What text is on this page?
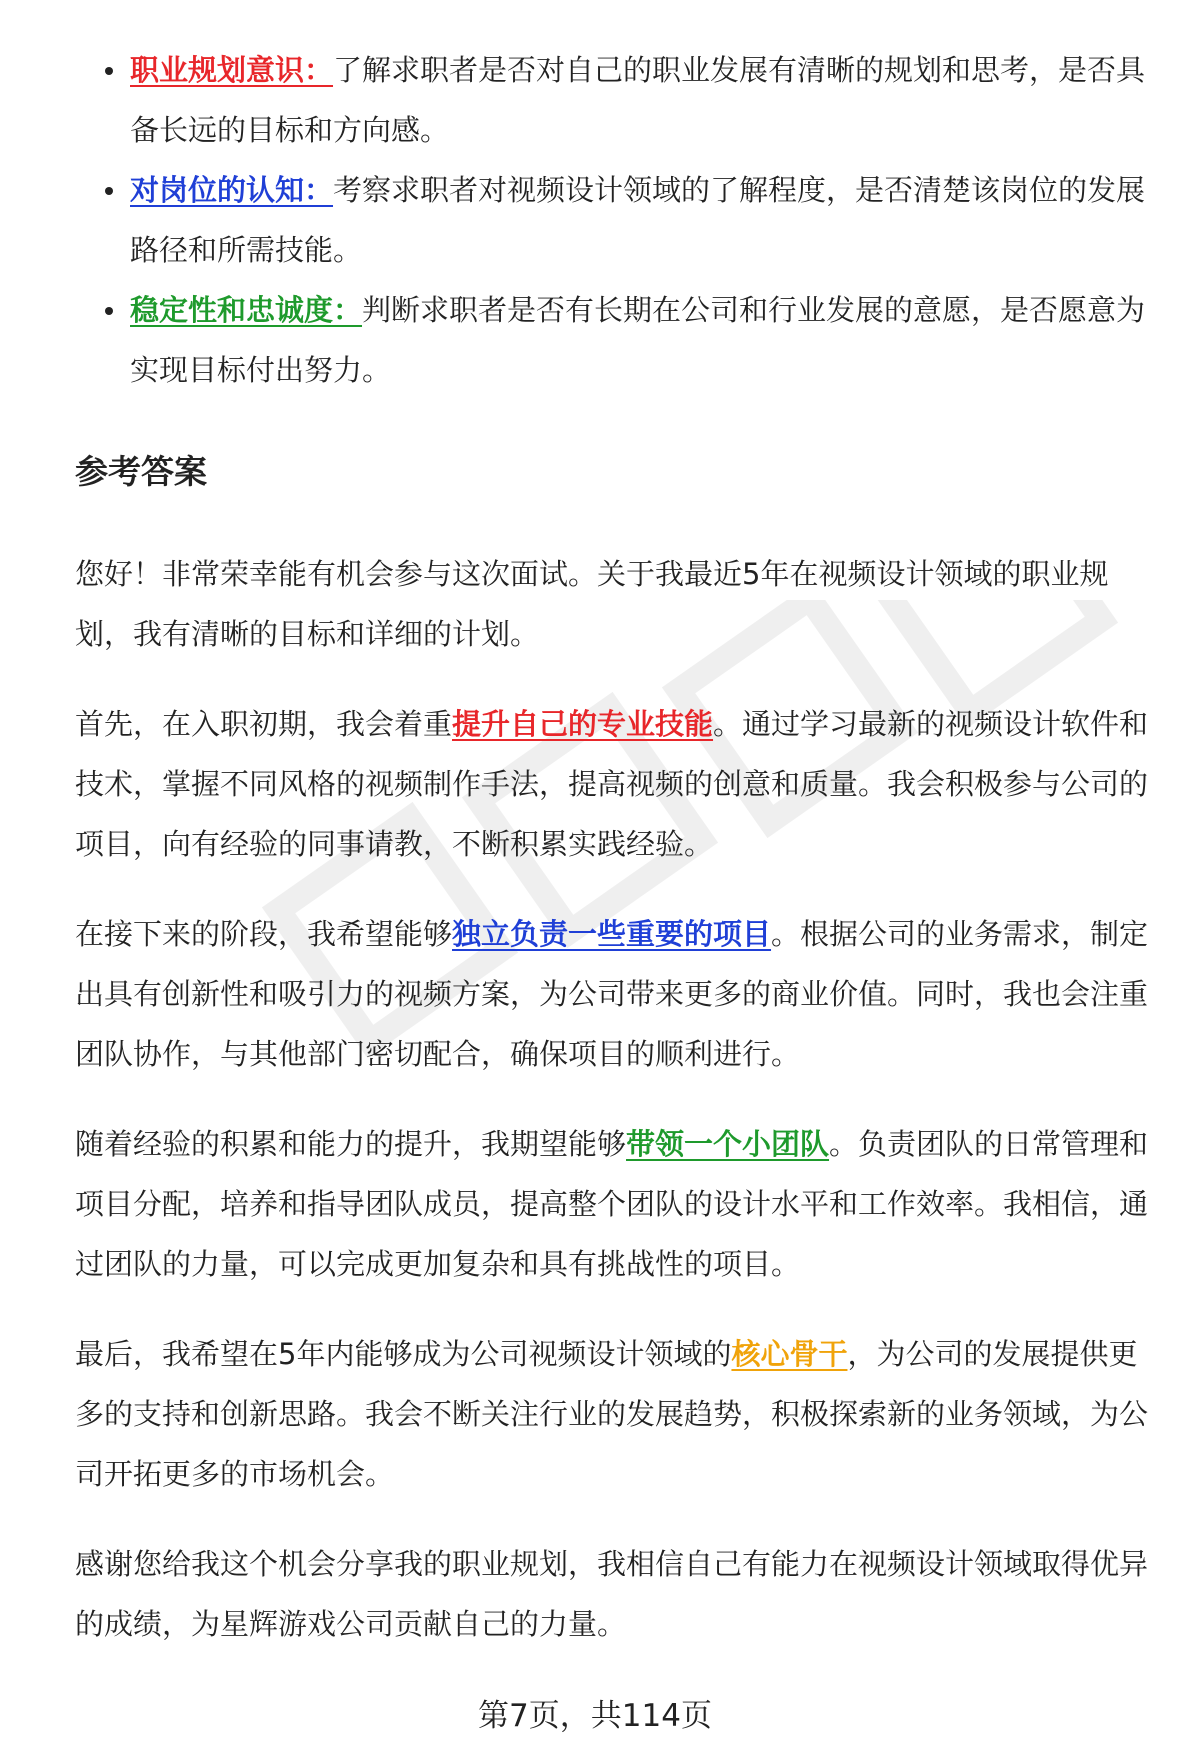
职业规划意识：了解求职者是否对自己的职业发展有清晰的规划和思考，是否具备长远的目标和方向感。
对岗位的认知：考察求职者对视频设计领域的了解程度，是否清楚该岗位的发展路径和所需技能。
稳定性和忠诚度：判断求职者是否有长期在公司和行业发展的意愿，是否愿意为实现目标付出努力。
参考答案

您好！非常荣幸能有机会参与这次面试。关于我最近5年在视频设计领域的职业规划，我有清晰的目标和详细的计划。

首先，在入职初期，我会着重提升自己的专业技能。通过学习最新的视频设计软件和技术，掌握不同风格的视频制作手法，提高视频的创意和质量。我会积极参与公司的项目，向有经验的同事请教，不断积累实践经验。

在接下来的阶段，我希望能够独立负责一些重要的项目。根据公司的业务需求，制定出具有创新性和吸引力的视频方案，为公司带来更多的商业价值。同时，我也会注重团队协作，与其他部门密切配合，确保项目的顺利进行。

随着经验的积累和能力的提升，我期望能够带领一个小团队。负责团队的日常管理和项目分配，培养和指导团队成员，提高整个团队的设计水平和工作效率。我相信，通过团队的力量，可以完成更加复杂和具有挑战性的项目。

最后，我希望在5年内能够成为公司视频设计领域的核心骨干，为公司的发展提供更多的支持和创新思路。我会不断关注行业的发展趋势，积极探索新的业务领域，为公司开拓更多的市场机会。

感谢您给我这个机会分享我的职业规划，我相信自己有能力在视频设计领域取得优异的成绩，为星辉游戏公司贡献自己的力量。

第7页，共114页
